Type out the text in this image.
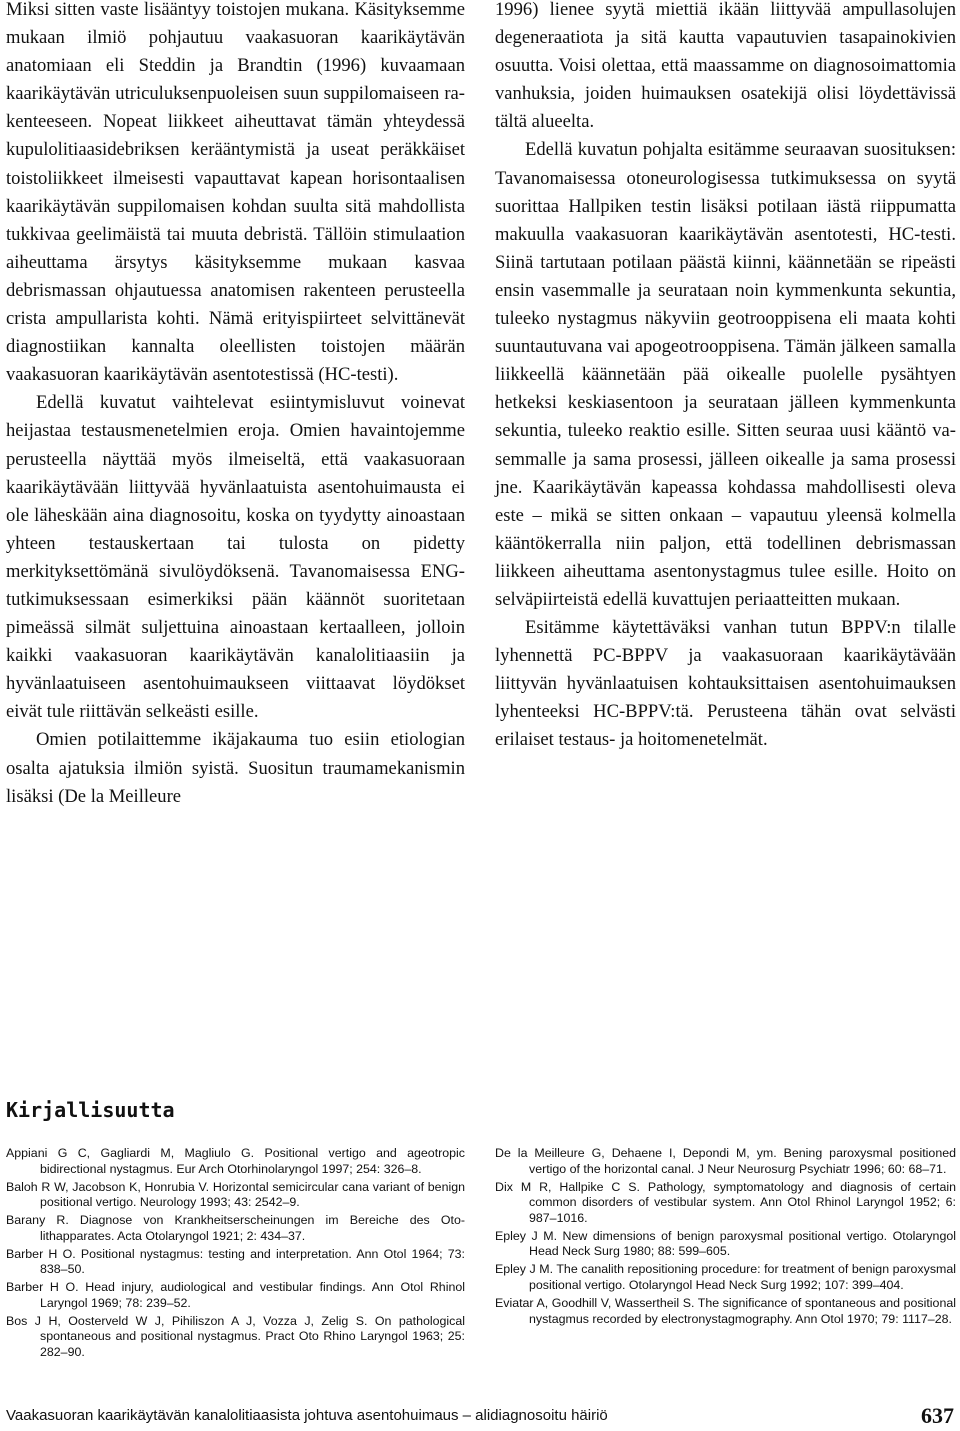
Miksi sitten vaste lisääntyy toistojen mukana. Käsityksemme mukaan ilmiö pohjautuu vaakasuoran kaarikäytävän anatomiaan eli Steddin ja Brandtin (1996) kuvaamaan kaarikäytävän utriculuksenpuoleisen suun suppilomaiseen rakenteeseen. Nopeat liikkeet aiheuttavat tämän yhteydessä kupulolitiaasidebriksen kerääntymistä ja useat peräkkäiset toistoliikkeet ilmeisesti vapauttavat kapean horisontaalisen kaarikäytävän suppilomaisen kohdan suulta sitä mahdollista tukkivaa geelimäistä tai muuta debristä. Tällöin stimulaation aiheuttama ärsytys käsityksemme mukaan kasvaa debrismassan ohjautuessa anatomisen rakenteen perusteella crista ampullarista kohti. Nämä erityispiirteet selvittänevät diagnostiikan kannalta oleellisten toistojen määrän vaakasuoran kaarikäytävän asentotestissä (HC-testi).

Edellä kuvatut vaihtelevat esiintymisluvut voinevat heijastaa testausmenetelmien eroja. Omien havaintojemme perusteella näyttää myös ilmeiseltä, että vaakasuoraan kaarikäytävään liittyvää hyvänlaatuista asentohuimausta ei ole läheskään aina diagnosoitu, koska on tyydytty ainoastaan yhteen testauskertaan tai tulosta on pidetty merkityksettömänä sivulöydöksenä. Tavanomaisessa ENG-tutkimuksessaan esimerkiksi pään käännöt suoritetaan pimeässä silmät suljettuina ainoastaan kertaalleen, jolloin kaikki vaakasuoran kaarikäytävän kanalolitiaasiin ja hyvänlaatuiseen asentohuimaukseen viittaavat löydökset eivät tule riittävän selkeästi esille.

Omien potilaittemme ikäjakauma tuo esiin etiologian osalta ajatuksia ilmiön syistä. Suositun traumamekanismin lisäksi (De la Meilleure

1996) lienee syytä miettiä ikään liittyvää ampullasolujen degeneraatiota ja sitä kautta vapautuvien tasapainokivien osuutta. Voisi olettaa, että maassamme on diagnosoimattomia vanhuksia, joiden huimauksen osatekijä olisi löydettävissä tältä alueelta.

Edellä kuvatun pohjalta esitämme seuraavan suosituksen: Tavanomaisessa otoneurologisessa tutkimuksessa on syytä suorittaa Hallpiken testin lisäksi potilaan iästä riippumatta makuulla vaakasuoran kaarikäytävän asentotesti, HC-testi. Siinä tartutaan potilaan päästä kiinni, käännetään se ripeästi ensin vasemmalle ja seurataan noin kymmenkunta sekuntia, tuleeko nystagmus näkyviin geotrooppisena eli maata kohti suuntautuvana vai apogeotrooppisena. Tämän jälkeen samalla liikkeellä käännetään pää oikealle puolelle pysähtyen hetkeksi keskiasentoon ja seurataan jälleen kymmenkunta sekuntia, tuleeko reaktio esille. Sitten seuraa uusi kääntö vasemmalle ja sama prosessi, jälleen oikealle ja sama prosessi jne. Kaarikäytävän kapeassa kohdassa mahdollisesti oleva este – mikä se sitten onkaan – vapautuu yleensä kolmella kääntökerralla niin paljon, että todellinen debrismassan liikkeen aiheuttama asentonystagmus tulee esille. Hoito on selväpiirteistä edellä kuvattujen periaatteitten mukaan.

Esitämme käytettäväksi vanhan tutun BPPV:n tilalle lyhennettä PC-BPPV ja vaakasuoraan kaarikäytävään liittyvän hyvänlaatuisen kohtauksittaisen asentohuimauksen lyhenteeksi HC-BPPV:tä. Perusteena tähän ovat selvästi erilaiset testaus- ja hoitomenetelmät.

Kirjallisuutta

Appiani G C, Gagliardi M, Magliulo G. Positional vertigo and ageotropic bidirectional nystagmus. Eur Arch Otorhinolaryngol 1997; 254: 326–8.

Baloh R W, Jacobson K, Honrubia V. Horizontal semicircular cana variant of benign positional vertigo. Neurology 1993; 43: 2542–9.

Barany R. Diagnose von Krankheitserscheinungen im Bereiche des Otolithapparates. Acta Otolaryngol 1921; 2: 434–37.

Barber H O. Positional nystagmus: testing and interpretation. Ann Otol 1964; 73: 838–50.

Barber H O. Head injury, audiological and vestibular findings. Ann Otol Rhinol Laryngol 1969; 78: 239–52.

Bos J H, Oosterveld W J, Pihiliszon A J, Vozza J, Zelig S. On pathological spontaneous and positional nystagmus. Pract Oto Rhino Laryngol 1963; 25: 282–90.

De la Meilleure G, Dehaene I, Depondi M, ym. Bening paroxysmal positioned vertigo of the horizontal canal. J Neur Neurosurg Psychiatr 1996; 60: 68–71.

Dix M R, Hallpike C S. Pathology, symptomatology and diagnosis of certain common disorders of vestibular system. Ann Otol Rhinol Laryngol 1952; 6: 987–1016.

Epley J M. New dimensions of benign paroxysmal positional vertigo. Otolaryngol Head Neck Surg 1980; 88: 599–605.

Epley J M. The canalith repositioning procedure: for treatment of benign paroxysmal positional vertigo. Otolaryngol Head Neck Surg 1992; 107: 399–404.

Eviatar A, Goodhill V, Wassertheil S. The significance of spontaneous and positional nystagmus recorded by electronystagmography. Ann Otol 1970; 79: 1117–28.

Vaakasuoran kaarikäytävän kanalolitiaasista johtuva asentohuimaus – alidiagnosoitu häiriö	637
